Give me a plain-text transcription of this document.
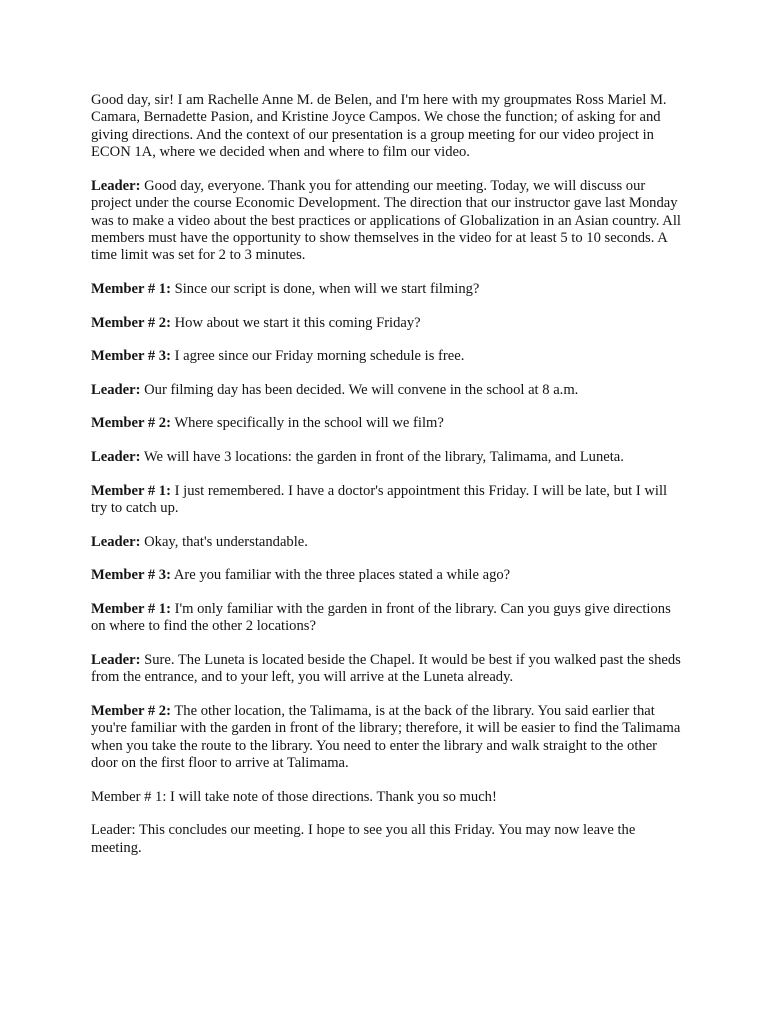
Good day, sir! I am Rachelle Anne M. de Belen, and I'm here with my groupmates Ross Mariel M. Camara, Bernadette Pasion, and Kristine Joyce Campos. We chose the function; of asking for and giving directions. And the context of our presentation is a group meeting for our video project in ECON 1A, where we decided when and where to film our video.

Leader: Good day, everyone. Thank you for attending our meeting. Today, we will discuss our project under the course Economic Development. The direction that our instructor gave last Monday was to make a video about the best practices or applications of Globalization in an Asian country. All members must have the opportunity to show themselves in the video for at least 5 to 10 seconds. A time limit was set for 2 to 3 minutes.

Member # 1: Since our script is done, when will we start filming?

Member # 2: How about we start it this coming Friday?

Member # 3: I agree since our Friday morning schedule is free.

Leader: Our filming day has been decided. We will convene in the school at 8 a.m.

Member # 2: Where specifically in the school will we film?

Leader: We will have 3 locations: the garden in front of the library, Talimama, and Luneta.

Member # 1: I just remembered. I have a doctor's appointment this Friday. I will be late, but I will try to catch up.

Leader: Okay, that's understandable.

Member # 3: Are you familiar with the three places stated a while ago?

Member # 1: I'm only familiar with the garden in front of the library. Can you guys give directions on where to find the other 2 locations?

Leader: Sure. The Luneta is located beside the Chapel. It would be best if you walked past the sheds from the entrance, and to your left, you will arrive at the Luneta already.

Member # 2: The other location, the Talimama, is at the back of the library. You said earlier that you're familiar with the garden in front of the library; therefore, it will be easier to find the Talimama when you take the route to the library. You need to enter the library and walk straight to the other door on the first floor to arrive at Talimama.

Member # 1: I will take note of those directions. Thank you so much!

Leader: This concludes our meeting. I hope to see you all this Friday. You may now leave the meeting.
